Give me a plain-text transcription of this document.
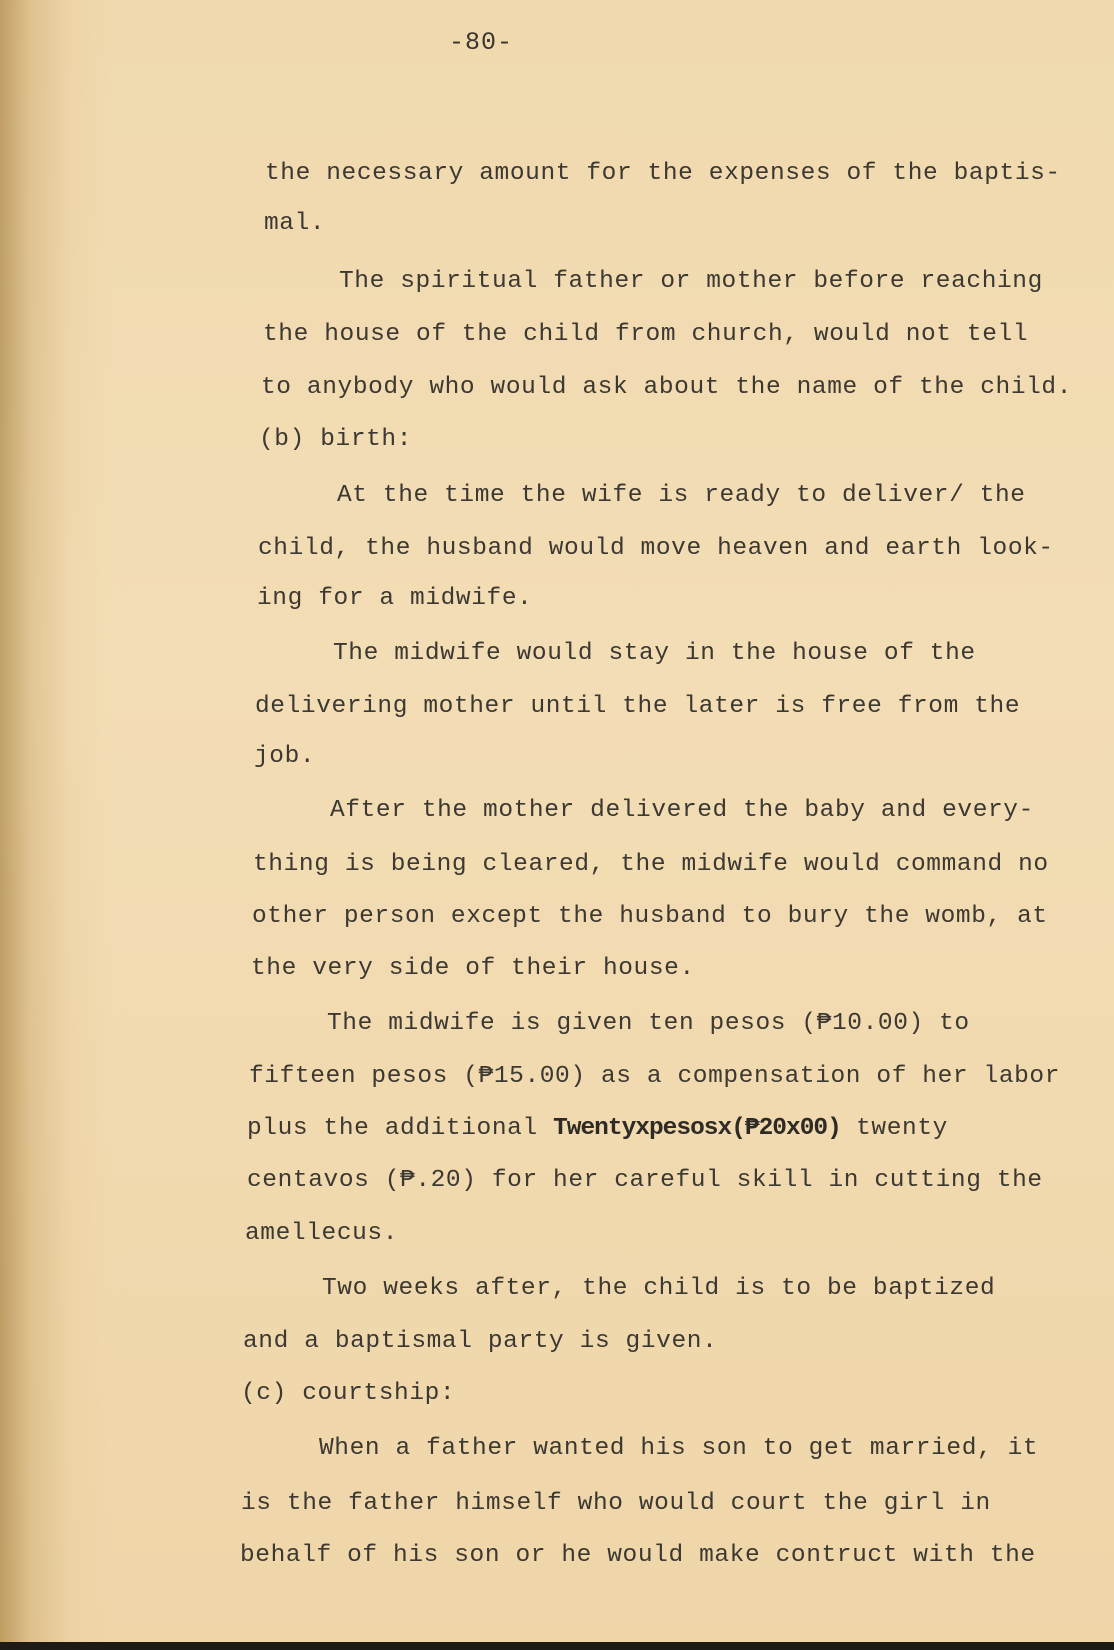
-80-
the necessary amount for the expenses of the baptis-
mal.
The spiritual father or mother before reaching
the house of the child from church, would not tell
to anybody who would ask about the name of the child.
(b) birth:
At the time the wife is ready to deliver/ the
child, the husband would move heaven and earth look-
ing for a midwife.
The midwife would stay in the house of the
delivering mother until the later is free from the
job.
After the mother delivered the baby and every-
thing is being cleared, the midwife would command no
other person except the husband to bury the womb, at
the very side of their house.
The midwife is given ten pesos (₱10.00) to
fifteen pesos (₱15.00) as a compensation of her labor
plus the additional Twentyxpesosx(₱20x00) twenty
centavos (₱.20) for her careful skill in cutting the
amellecus.
Two weeks after, the child is to be baptized
and a baptismal party is given.
(c) courtship:
When a father wanted his son to get married, it
is the father himself who would court the girl in
behalf of his son or he would make contruct with the
